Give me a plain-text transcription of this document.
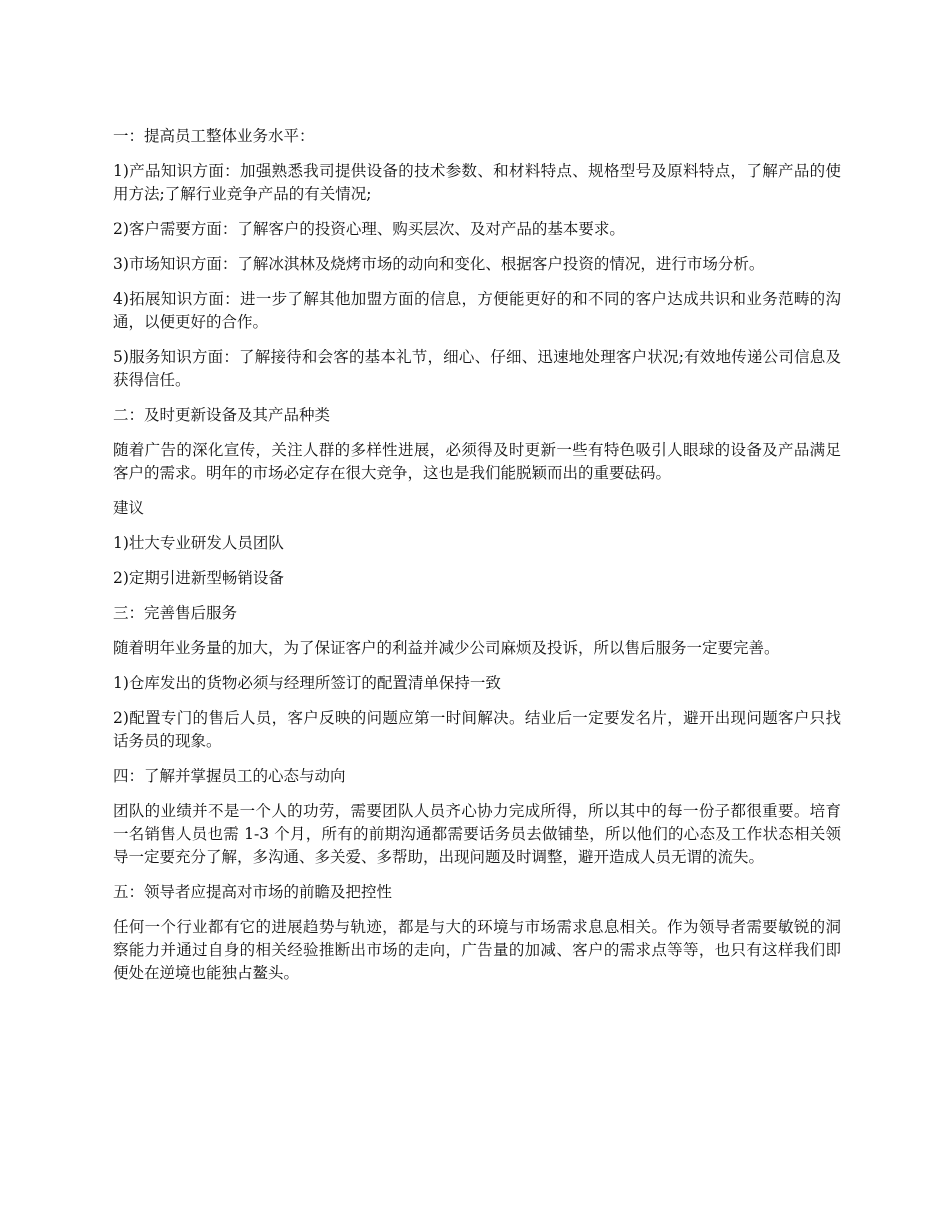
一：提高员工整体业务水平：

1)产品知识方面：加强熟悉我司提供设备的技术参数、和材料特点、规格型号及原料特点，了解产品的使用方法;了解行业竞争产品的有关情况;

2)客户需要方面：了解客户的投资心理、购买层次、及对产品的基本要求。

3)市场知识方面：了解冰淇林及烧烤市场的动向和变化、根据客户投资的情况，进行市场分析。

4)拓展知识方面：进一步了解其他加盟方面的信息，方便能更好的和不同的客户达成共识和业务范畴的沟通，以便更好的合作。

5)服务知识方面：了解接待和会客的基本礼节，细心、仔细、迅速地处理客户状况;有效地传递公司信息及获得信任。

二：及时更新设备及其产品种类

随着广告的深化宣传，关注人群的多样性进展，必须得及时更新一些有特色吸引人眼球的设备及产品满足客户的需求。明年的市场必定存在很大竞争，这也是我们能脱颖而出的重要砝码。

建议

1)壮大专业研发人员团队

2)定期引进新型畅销设备

三：完善售后服务

随着明年业务量的加大，为了保证客户的利益并减少公司麻烦及投诉，所以售后服务一定要完善。

1)仓库发出的货物必须与经理所签订的配置清单保持一致

2)配置专门的售后人员，客户反映的问题应第一时间解决。结业后一定要发名片，避开出现问题客户只找话务员的现象。

四：了解并掌握员工的心态与动向

团队的业绩并不是一个人的功劳，需要团队人员齐心协力完成所得，所以其中的每一份子都很重要。培育一名销售人员也需 1-3 个月，所有的前期沟通都需要话务员去做铺垫，所以他们的心态及工作状态相关领导一定要充分了解，多沟通、多关爱、多帮助，出现问题及时调整，避开造成人员无谓的流失。

五：领导者应提高对市场的前瞻及把控性

任何一个行业都有它的进展趋势与轨迹，都是与大的环境与市场需求息息相关。作为领导者需要敏锐的洞察能力并通过自身的相关经验推断出市场的走向，广告量的加减、客户的需求点等等，也只有这样我们即便处在逆境也能独占鳌头。
